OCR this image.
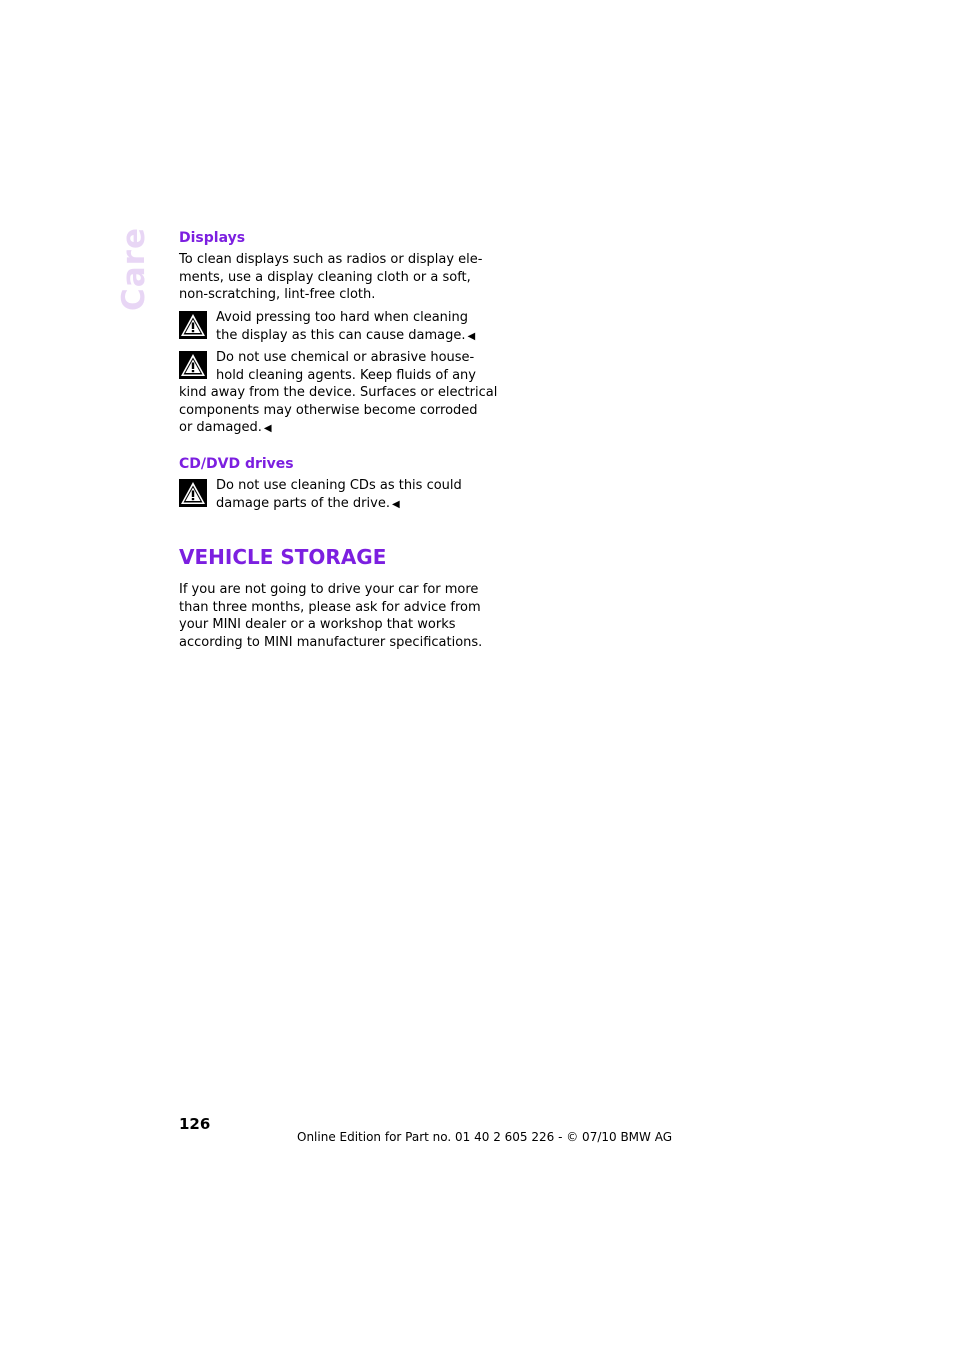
Care Displays
To clean displays such as radios or display ele-
ments, use a display cleaning cloth or a soft,
non-scratching, lint-free cloth.
Avoid pressing too hard when cleaning
the display as this can cause damage. ◀
Do not use chemical or abrasive house-
hold cleaning agents. Keep fluids of any
kind away from the device. Surfaces or electrical
components may otherwise become corroded
or damaged. ◀
CD/DVD drives
Do not use cleaning CDs as this could
damage parts of the drive. ◀
VEHICLE STORAGE
If you are not going to drive your car for more
than three months, please ask for advice from
your MINI dealer or a workshop that works
according to MINI manufacturer specifications.
126
Online Edition for Part no. 01 40 2 605 226 - © 07/10 BMW AG
